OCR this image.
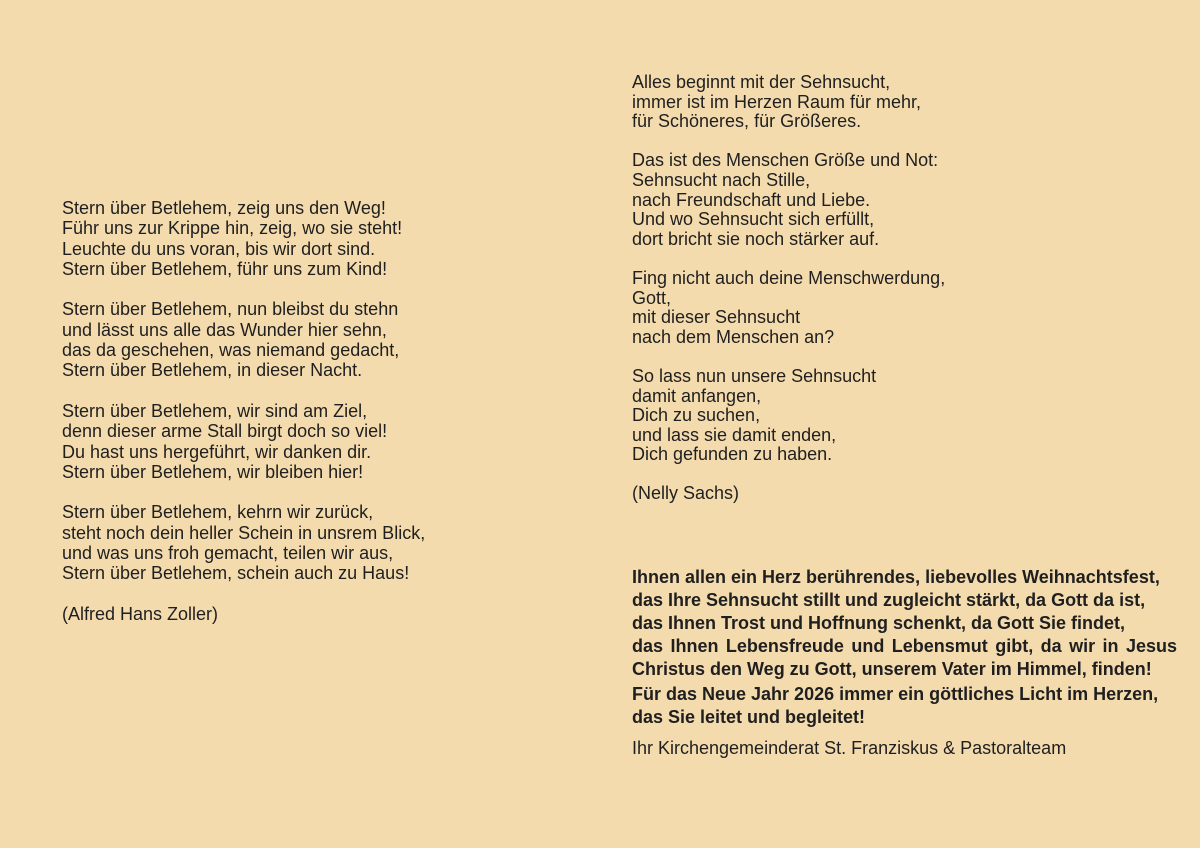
Stern über Betlehem, zeig uns den Weg!
Führ uns zur Krippe hin, zeig, wo sie steht!
Leuchte du uns voran, bis wir dort sind.
Stern über Betlehem, führ uns zum Kind!
Stern über Betlehem, nun bleibst du stehn
und lässt uns alle das Wunder hier sehn,
das da geschehen, was niemand gedacht,
Stern über Betlehem, in dieser Nacht.
Stern über Betlehem, wir sind am Ziel,
denn dieser arme Stall birgt doch so viel!
Du hast uns hergeführt, wir danken dir.
Stern über Betlehem, wir bleiben hier!
Stern über Betlehem, kehrn wir zurück,
steht noch dein heller Schein in unsrem Blick,
und was uns froh gemacht, teilen wir aus,
Stern über Betlehem, schein auch zu Haus!
(Alfred Hans Zoller)
Alles beginnt mit der Sehnsucht,
immer ist im Herzen Raum für mehr,
für Schöneres, für Größeres.
Das ist des Menschen Größe und Not:
Sehnsucht nach Stille,
nach Freundschaft und Liebe.
Und wo Sehnsucht sich erfüllt,
dort bricht sie noch stärker auf.
Fing nicht auch deine Menschwerdung,
Gott,
mit dieser Sehnsucht
nach dem Menschen an?
So lass nun unsere Sehnsucht
damit anfangen,
Dich zu suchen,
und lass sie damit enden,
Dich gefunden zu haben.
(Nelly Sachs)
Ihnen allen ein Herz berührendes, liebevolles Weihnachtsfest,
das Ihre Sehnsucht stillt und zugleicht stärkt, da Gott da ist,
das Ihnen Trost und Hoffnung schenkt, da Gott Sie findet,
das Ihnen Lebensfreude und Lebensmut gibt, da wir in Jesus
Christus den Weg zu Gott, unserem Vater im Himmel, finden!
Für das Neue Jahr 2026 immer ein göttliches Licht im Herzen,
das Sie leitet und begleitet!
Ihr Kirchengemeinderat St. Franziskus & Pastoralteam
